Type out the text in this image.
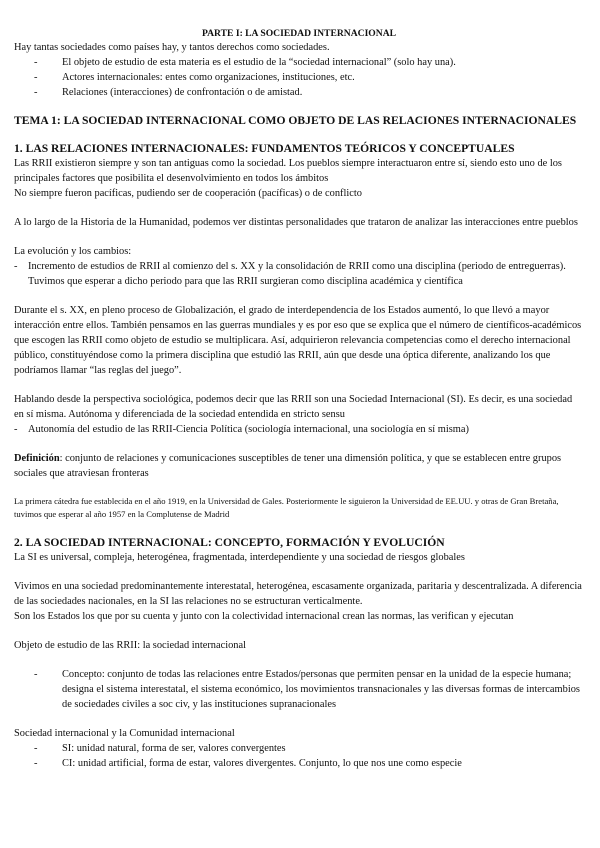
PARTE I: LA SOCIEDAD INTERNACIONAL

Hay tantas sociedades como países hay, y tantos derechos como sociedades.

- El objeto de estudio de esta materia es el estudio de la “sociedad internacional” (solo hay una).
- Actores internacionales: entes como organizaciones, instituciones, etc.
- Relaciones (interacciones) de confrontación o de amistad.

TEMA 1: LA SOCIEDAD INTERNACIONAL COMO OBJETO DE LAS RELACIONES INTERNACIONALES

1. LAS RELACIONES INTERNACIONALES: FUNDAMENTOS TEÓRICOS Y CONCEPTUALES

Las RRII existieron siempre y son tan antiguas como la sociedad. Los pueblos siempre interactuaron entre sí, siendo esto uno de los principales factores que posibilita el desenvolvimiento en todos los ámbitos

No siempre fueron pacíficas, pudiendo ser de cooperación (pacíficas) o de conflicto

A lo largo de la Historia de la Humanidad, podemos ver distintas personalidades que trataron de analizar las interacciones entre pueblos

La evolución y los cambios:

- Incremento de estudios de RRII al comienzo del s. XX y la consolidación de RRII como una disciplina (periodo de entreguerras). Tuvimos que esperar a dicho periodo para que las RRII surgieran como disciplina académica y científica

Durante el s. XX, en pleno proceso de Globalización, el grado de interdependencia de los Estados aumentó, lo que llevó a mayor interacción entre ellos. También pensamos en las guerras mundiales y es por eso que se explica que el número de científicos-académicos que escogen las RRII como objeto de estudio se multiplicara. Así, adquirieron relevancia competencias como el derecho internacional público, constituyéndose como la primera disciplina que estudió las RRII, aún que desde una óptica diferente, analizando los que podríamos llamar “las reglas del juego”.

Hablando desde la perspectiva sociológica, podemos decir que las RRII son una Sociedad Internacional (SI). Es decir, es una sociedad en sí misma. Autónoma y diferenciada de la sociedad entendida en stricto sensu

- Autonomía del estudio de las RRII-Ciencia Política (sociología internacional, una sociología en sí misma)

Definición: conjunto de relaciones y comunicaciones susceptibles de tener una dimensión política, y que se establecen entre grupos sociales que atraviesan fronteras

La primera cátedra fue establecida en el año 1919, en la Universidad de Gales. Posteriormente le siguieron la Universidad de EE.UU. y otras de Gran Bretaña, tuvimos que esperar al año 1957 en la Complutense de Madrid

2. LA SOCIEDAD INTERNACIONAL: CONCEPTO, FORMACIÓN Y EVOLUCIÓN

La SI es universal, compleja, heterogénea, fragmentada, interdependiente y una sociedad de riesgos globales

Vivimos en una sociedad predominantemente interestatal, heterogénea, escasamente organizada, paritaria y descentralizada. A diferencia de las sociedades nacionales, en la SI las relaciones no se estructuran verticalmente.

Son los Estados los que por su cuenta y junto con la colectividad internacional crean las normas, las verifican y ejecutan

Objeto de estudio de las RRII: la sociedad internacional

- Concepto: conjunto de todas las relaciones entre Estados/personas que permiten pensar en la unidad de la especie humana; designa el sistema interestatal, el sistema económico, los movimientos transnacionales y las diversas formas de intercambios de sociedades civiles a soc civ, y las instituciones supranacionales

Sociedad internacional y la Comunidad internacional

- SI: unidad natural, forma de ser, valores convergentes
- CI: unidad artificial, forma de estar, valores divergentes. Conjunto, lo que nos une como especie
